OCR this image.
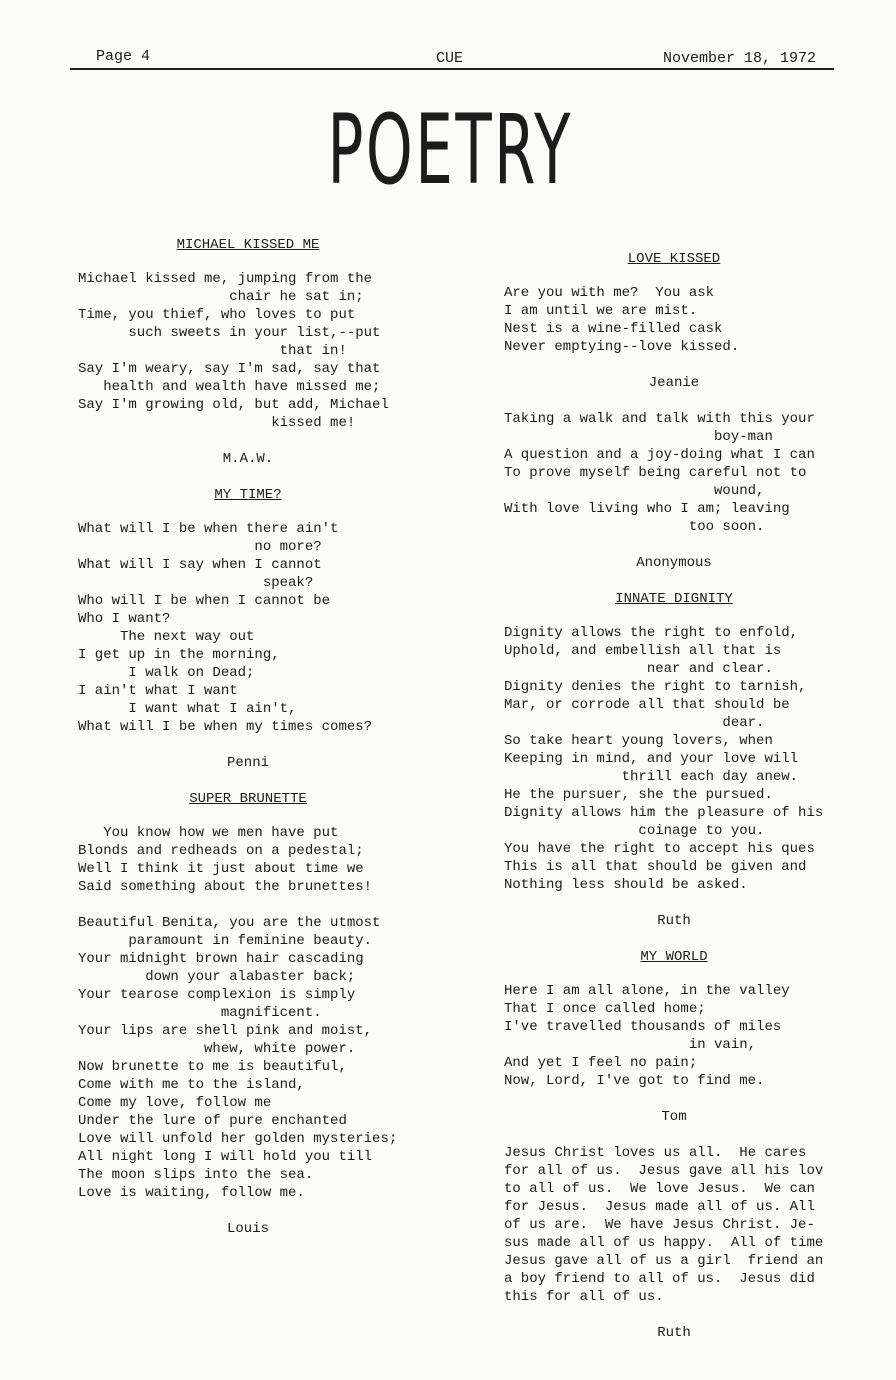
Page 4	CUE	November 18, 1972
POETRY
MICHAEL KISSED ME
Michael kissed me, jumping from the
chair he sat in;
Time, you thief, who loves to put
such sweets in your list,--put
that in!
Say I'm weary, say I'm sad, say that
health and wealth have missed me;
Say I'm growing old, but add, Michael
kissed me!
M.A.W.
MY TIME?
What will I be when there ain't
no more?
What will I say when I cannot
speak?
Who will I be when I cannot be
Who I want?
The next way out
I get up in the morning,
I walk on Dead;
I ain't what I want
I want what I ain't,
What will I be when my times comes?
Penni
SUPER BRUNETTE
You know how we men have put
Blonds and redheads on a pedestal;
Well I think it just about time we
Said something about the brunettes!
Beautiful Benita, you are the utmost
paramount in feminine beauty.
Your midnight brown hair cascading
down your alabaster back;
Your tearose complexion is simply
magnificent.
Your lips are shell pink and moist,
whew, white power.
Now brunette to me is beautiful,
Come with me to the island,
Come my love, follow me
Under the lure of pure enchanted
Love will unfold her golden mysteries;
All night long I will hold you till
The moon slips into the sea.
Love is waiting, follow me.
Louis
LOVE KISSED
Are you with me?  You ask
I am until we are mist.
Nest is a wine-filled cask
Never emptying--love kissed.
Jeanie
Taking a walk and talk with this your
boy-man
A question and a joy-doing what I can
To prove myself being careful not to
wound,
With love living who I am; leaving
too soon.
Anonymous
INNATE DIGNITY
Dignity allows the right to enfold,
Uphold, and embellish all that is
near and clear.
Dignity denies the right to tarnish,
Mar, or corrode all that should be
dear.
So take heart young lovers, when
Keeping in mind, and your love will
thrill each day anew.
He the pursuer, she the pursued.
Dignity allows him the pleasure of his
coinage to you.
You have the right to accept his ques
This is all that should be given and
Nothing less should be asked.
Ruth
MY WORLD
Here I am all alone, in the valley
That I once called home;
I've travelled thousands of miles
in vain,
And yet I feel no pain;
Now, Lord, I've got to find me.
Tom
Jesus Christ loves us all.  He cares
for all of us.  Jesus gave all his lov
to all of us.  We love Jesus.  We can
for Jesus.  Jesus made all of us. All
of us are.  We have Jesus Christ. Je-
sus made all of us happy.  All of time
Jesus gave all of us a girl  friend an
a boy friend to all of us.  Jesus did
this for all of us.
Ruth
